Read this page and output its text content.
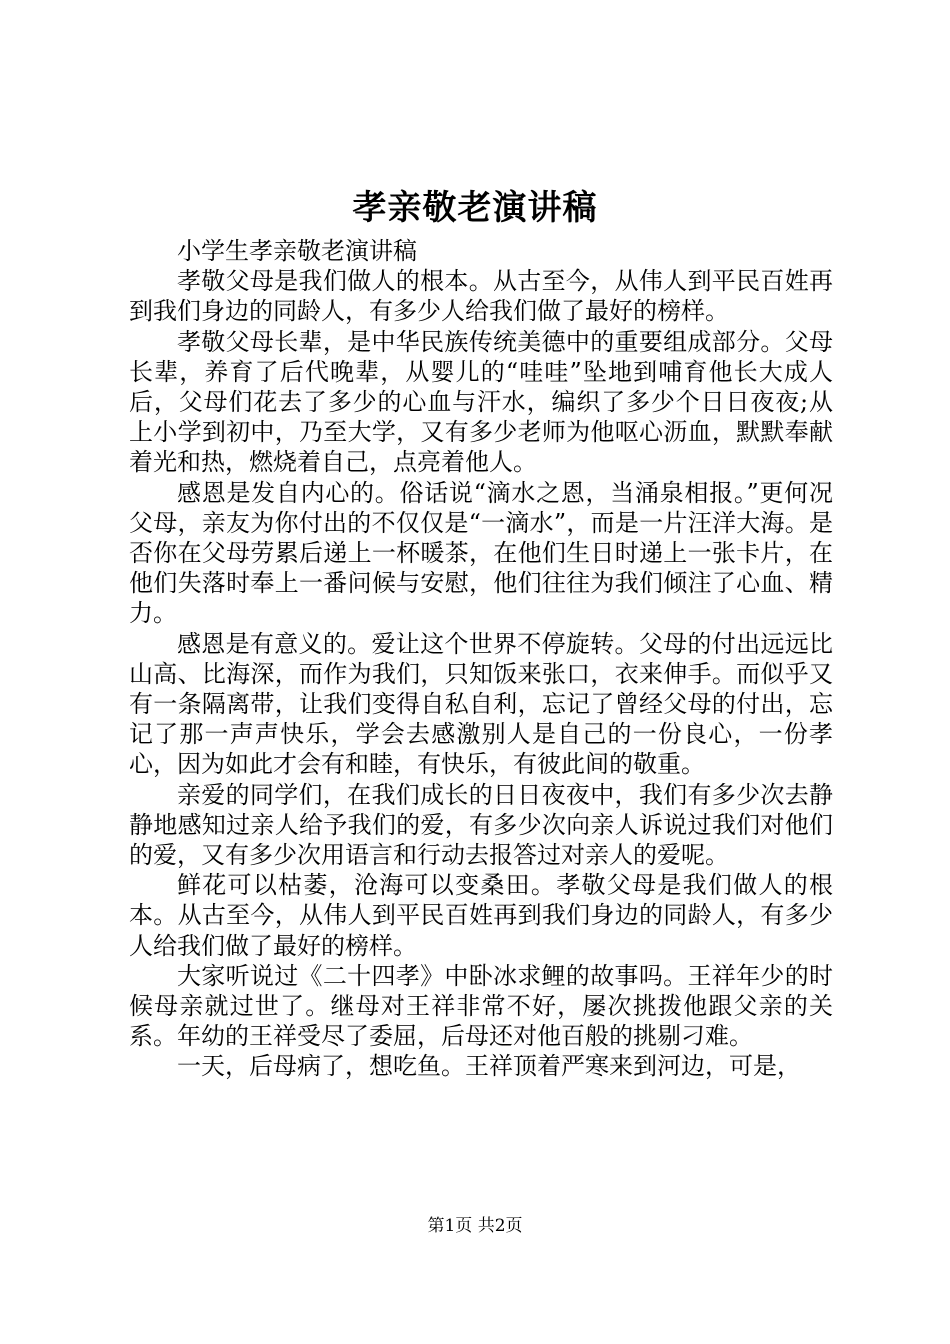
孝亲敬老演讲稿

小学生孝亲敬老演讲稿

孝敬父母是我们做人的根本。从古至今，从伟人到平民百姓再到我们身边的同龄人，有多少人给我们做了最好的榜样。

孝敬父母长辈，是中华民族传统美德中的重要组成部分。父母长辈，养育了后代晚辈，从婴儿的“哇哇”坠地到哺育他长大成人后，父母们花去了多少的心血与汗水，编织了多少个日日夜夜;从上小学到初中，乃至大学，又有多少老师为他呕心沥血，默默奉献着光和热，燃烧着自己，点亮着他人。

感恩是发自内心的。俗话说“滴水之恩，当涌泉相报。”更何况父母，亲友为你付出的不仅仅是“一滴水”，而是一片汪洋大海。是否你在父母劳累后递上一杯暖茶，在他们生日时递上一张卡片，在他们失落时奉上一番问候与安慰，他们往往为我们倾注了心血、精力。

感恩是有意义的。爱让这个世界不停旋转。父母的付出远远比山高、比海深，而作为我们，只知饭来张口，衣来伸手。而似乎又有一条隔离带，让我们变得自私自利，忘记了曾经父母的付出，忘记了那一声声快乐，学会去感激别人是自己的一份良心，一份孝心，因为如此才会有和睦，有快乐，有彼此间的敬重。

亲爱的同学们，在我们成长的日日夜夜中，我们有多少次去静静地感知过亲人给予我们的爱，有多少次向亲人诉说过我们对他们的爱，又有多少次用语言和行动去报答过对亲人的爱呢。

鲜花可以枯萎，沧海可以变桑田。孝敬父母是我们做人的根本。从古至今，从伟人到平民百姓再到我们身边的同龄人，有多少人给我们做了最好的榜样。

大家听说过《二十四孝》中卧冰求鲤的故事吗。王祥年少的时候母亲就过世了。继母对王祥非常不好，屡次挑拨他跟父亲的关系。年幼的王祥受尽了委屈，后母还对他百般的挑剔刁难。

一天，后母病了，想吃鱼。王祥顶着严寒来到河边，可是，

第1页 共2页
